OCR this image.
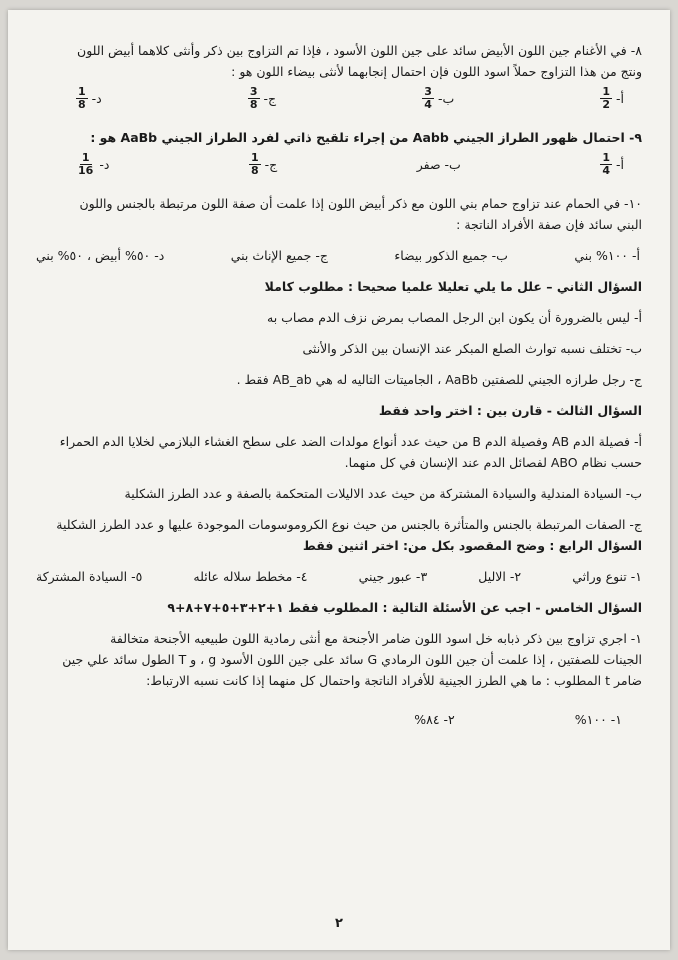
٨- في الأغنام جين اللون الأبيض سائد على جين اللون الأسود ، فإذا تم التزاوج بين ذكر وأنثى كلاهما أبيض اللون
ونتج من هذا التزاوج حملاً اسود اللون فإن احتمال إنجابهما لأنثى بيضاء اللون هو :
أ-
$\frac{1}{2}$
ب-
$\frac{3}{4}$
ج-
$\frac{3}{8}$
د-
$\frac{1}{8}$
٩- احتمال ظهور الطراز الجيني Aabb من إجراء تلقيح ذاتي لفرد الطراز الجيني AaBb هو :
أ-
$\frac{1}{4}$
ب- صفر
ج-
$\frac{1}{8}$
د-
$\frac{1}{16}$
١٠- في الحمام عند تزاوج حمام بني اللون مع ذكر أبيض اللون إذا علمت أن صفة اللون مرتبطة بالجنس واللون
البني سائد فإن صفة الأفراد الناتجة :
أ- ١٠٠% بني
ب- جميع الذكور بيضاء
ج- جميع الإناث بني
د- ٥٠% أبيض ، ٥٠% بني
السؤال الثاني – علل ما يلي تعليلا علميا صحيحا : مطلوب كاملا
أ- ليس بالضرورة أن يكون ابن الرجل المصاب بمرض نزف الدم مصاب به
ب- تختلف نسبه توارث الصلع المبكر عند الإنسان بين الذكر والأنثى
ج- رجل طرازه الجيني للصفتين AaBb ، الجاميتات التاليه له هي AB_ab فقط .
السؤال الثالث - قارن بين : اختر واحد فقط
أ- فصيلة الدم AB وفصيلة الدم B من حيث عدد أنواع مولدات الضد على سطح الغشاء البلازمي لخلايا الدم الحمراء
حسب نظام ABO لفصائل الدم عند الإنسان في كل منهما.
ب- السيادة المندلية والسيادة المشتركة من حيث عدد الاليلات المتحكمة بالصفة و عدد الطرز الشكلية
ج- الصفات المرتبطة بالجنس والمتأثرة بالجنس من حيث نوع الكروموسومات الموجودة عليها و عدد الطرز الشكلية
السؤال الرابع : وضح المقصود بكل من: اختر اثنين فقط
١- تنوع وراثي
٢- الاليل
٣- عبور جيني
٤- مخطط سلاله عائله
٥- السيادة المشتركة
السؤال الخامس - اجب عن الأسئلة التالية : المطلوب فقط ١+٢+٣+٥+٧+٨+٩
١- اجري تزاوج بين ذكر ذبابه خل اسود اللون ضامر الأجنحة مع أنثى رمادية اللون طبيعيه الأجنحة متخالفة
الجينات للصفتين ، إذا علمت أن جين اللون الرمادي G سائد على جين اللون الأسود g ، و T الطول سائد علي جين
ضامر t المطلوب : ما هي الطرز الجينية للأفراد الناتجة واحتمال كل منهما إذا كانت نسبه الارتباط:
١- ١٠٠%
٢- ٨٤%
٢
